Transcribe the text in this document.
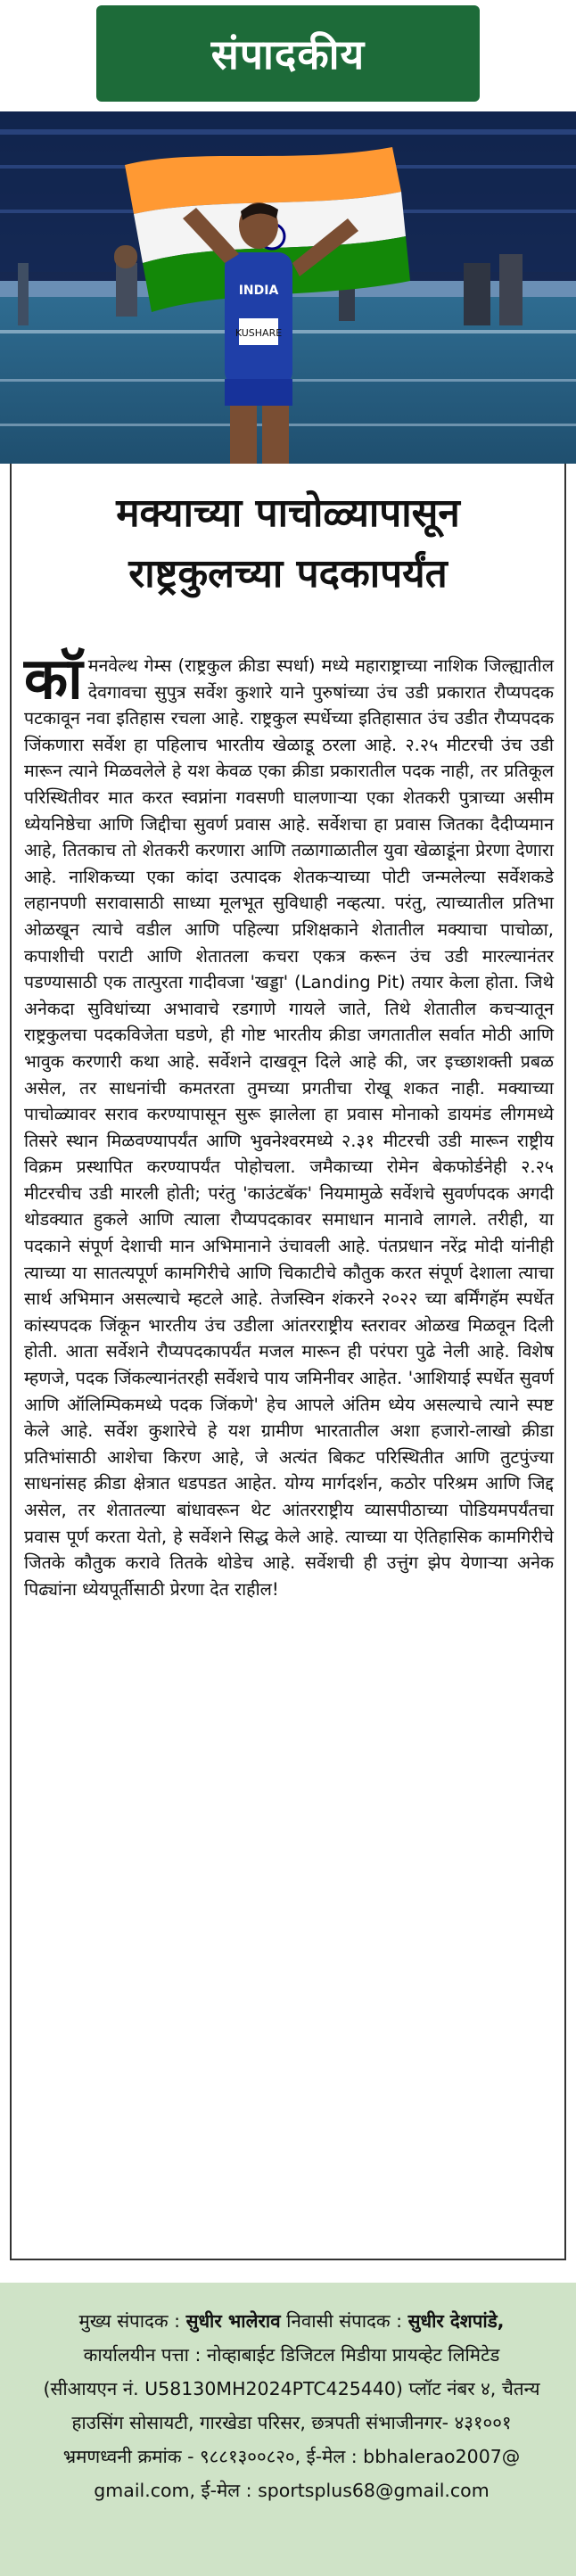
संपादकीय
KUSHARE
INDIA
मक्याच्या पाचोळ्यापासून
राष्ट्रकुलच्या पदकापर्यंत
कॉमनवेल्थ गेम्स (राष्ट्रकुल क्रीडा स्पर्धा) मध्ये महाराष्ट्राच्या नाशिक जिल्ह्यातील देवगावचा सुपुत्र सर्वेश कुशारे याने पुरुषांच्या उंच उडी प्रकारात रौप्यपदक पटकावून नवा इतिहास रचला आहे. राष्ट्रकुल स्पर्धेच्या इतिहासात उंच उडीत रौप्यपदक जिंकणारा सर्वेश हा पहिलाच भारतीय खेळाडू ठरला आहे. २.२५ मीटरची उंच उडी मारून त्याने मिळवलेले हे यश केवळ एका क्रीडा प्रकारातील पदक नाही, तर प्रतिकूल परिस्थितीवर मात करत स्वप्नांना गवसणी घालणाऱ्या एका शेतकरी पुत्राच्या असीम ध्येयनिष्ठेचा आणि जिद्दीचा सुवर्ण प्रवास आहे. सर्वेशचा हा प्रवास जितका दैदीप्यमान आहे, तितकाच तो शेतकरी करणारा आणि तळागाळातील युवा खेळाडूंना प्रेरणा देणारा आहे. नाशिकच्या एका कांदा उत्पादक शेतकऱ्याच्या पोटी जन्मलेल्या सर्वेशकडे लहानपणी सरावासाठी साध्या मूलभूत सुविधाही नव्हत्या. परंतु, त्याच्यातील प्रतिभा ओळखून त्याचे वडील आणि पहिल्या प्रशिक्षकाने शेतातील मक्याचा पाचोळा, कपाशीची पराटी आणि शेतातला कचरा एकत्र करून उंच उडी मारल्यानंतर पडण्यासाठी एक तात्पुरता गादीवजा 'खड्डा' (Landing Pit) तयार केला होता. जिथे अनेकदा सुविधांच्या अभावाचे रडगाणे गायले जाते, तिथे शेतातील कचऱ्यातून राष्ट्रकुलचा पदकविजेता घडणे, ही गोष्ट भारतीय क्रीडा जगतातील सर्वात मोठी आणि भावुक करणारी कथा आहे. सर्वेशने दाखवून दिले आहे की, जर इच्छाशक्ती प्रबळ असेल, तर साधनांची कमतरता तुमच्या प्रगतीचा रोखू शकत नाही. मक्याच्या पाचोळ्यावर सराव करण्यापासून सुरू झालेला हा प्रवास मोनाको डायमंड लीगमध्ये तिसरे स्थान मिळवण्यापर्यंत आणि भुवनेश्वरमध्ये २.३१ मीटरची उडी मारून राष्ट्रीय विक्रम प्रस्थापित करण्यापर्यंत पोहोचला. जमैकाच्या रोमेन बेकफोर्डनेही २.२५ मीटरचीच उडी मारली होती; परंतु 'काउंटबॅक' नियमामुळे सर्वेशचे सुवर्णपदक अगदी थोडक्यात हुकले आणि त्याला रौप्यपदकावर समाधान मानावे लागले. तरीही, या पदकाने संपूर्ण देशाची मान अभिमानाने उंचावली आहे. पंतप्रधान नरेंद्र मोदी यांनीही त्याच्या या सातत्यपूर्ण कामगिरीचे आणि चिकाटीचे कौतुक करत संपूर्ण देशाला त्याचा सार्थ अभिमान असल्याचे म्हटले आहे. तेजस्विन शंकरने २०२२ च्या बर्मिंगहॅम स्पर्धेत कांस्यपदक जिंकून भारतीय उंच उडीला आंतरराष्ट्रीय स्तरावर ओळख मिळवून दिली होती. आता सर्वेशने रौप्यपदकापर्यंत मजल मारून ही परंपरा पुढे नेली आहे. विशेष म्हणजे, पदक जिंकल्यानंतरही सर्वेशचे पाय जमिनीवर आहेत. 'आशियाई स्पर्धेत सुवर्ण आणि ऑलिम्पिकमध्ये पदक जिंकणे' हेच आपले अंतिम ध्येय असल्याचे त्याने स्पष्ट केले आहे. सर्वेश कुशारेचे हे यश ग्रामीण भारतातील अशा हजारो-लाखो क्रीडा प्रतिभांसाठी आशेचा किरण आहे, जे अत्यंत बिकट परिस्थितीत आणि तुटपुंज्या साधनांसह क्रीडा क्षेत्रात धडपडत आहेत. योग्य मार्गदर्शन, कठोर परिश्रम आणि जिद्द असेल, तर शेतातल्या बांधावरून थेट आंतरराष्ट्रीय व्यासपीठाच्या पोडियमपर्यंतचा प्रवास पूर्ण करता येतो, हे सर्वेशने सिद्ध केले आहे. त्याच्या या ऐतिहासिक कामगिरीचे जितके कौतुक करावे तितके थोडेच आहे. सर्वेशची ही उत्तुंग झेप येणाऱ्या अनेक पिढ्यांना ध्येयपूर्तीसाठी प्रेरणा देत राहील!
मुख्य संपादक : सुधीर भालेराव निवासी संपादक : सुधीर देशपांडे,
कार्यालयीन पत्ता : नोव्हाबाईट डिजिटल मिडीया प्रायव्हेट लिमिटेड
(सीआयएन नं. U58130MH2024PTC425440) प्लॉट नंबर ४, चैतन्य
हाउसिंग सोसायटी, गारखेडा परिसर, छत्रपती संभाजीनगर- ४३१००१
भ्रमणध्वनी क्रमांक - ९८८१३००८२०, ई-मेल : bbhalerao2007@
gmail.com, ई-मेल : sportsplus68@gmail.com
